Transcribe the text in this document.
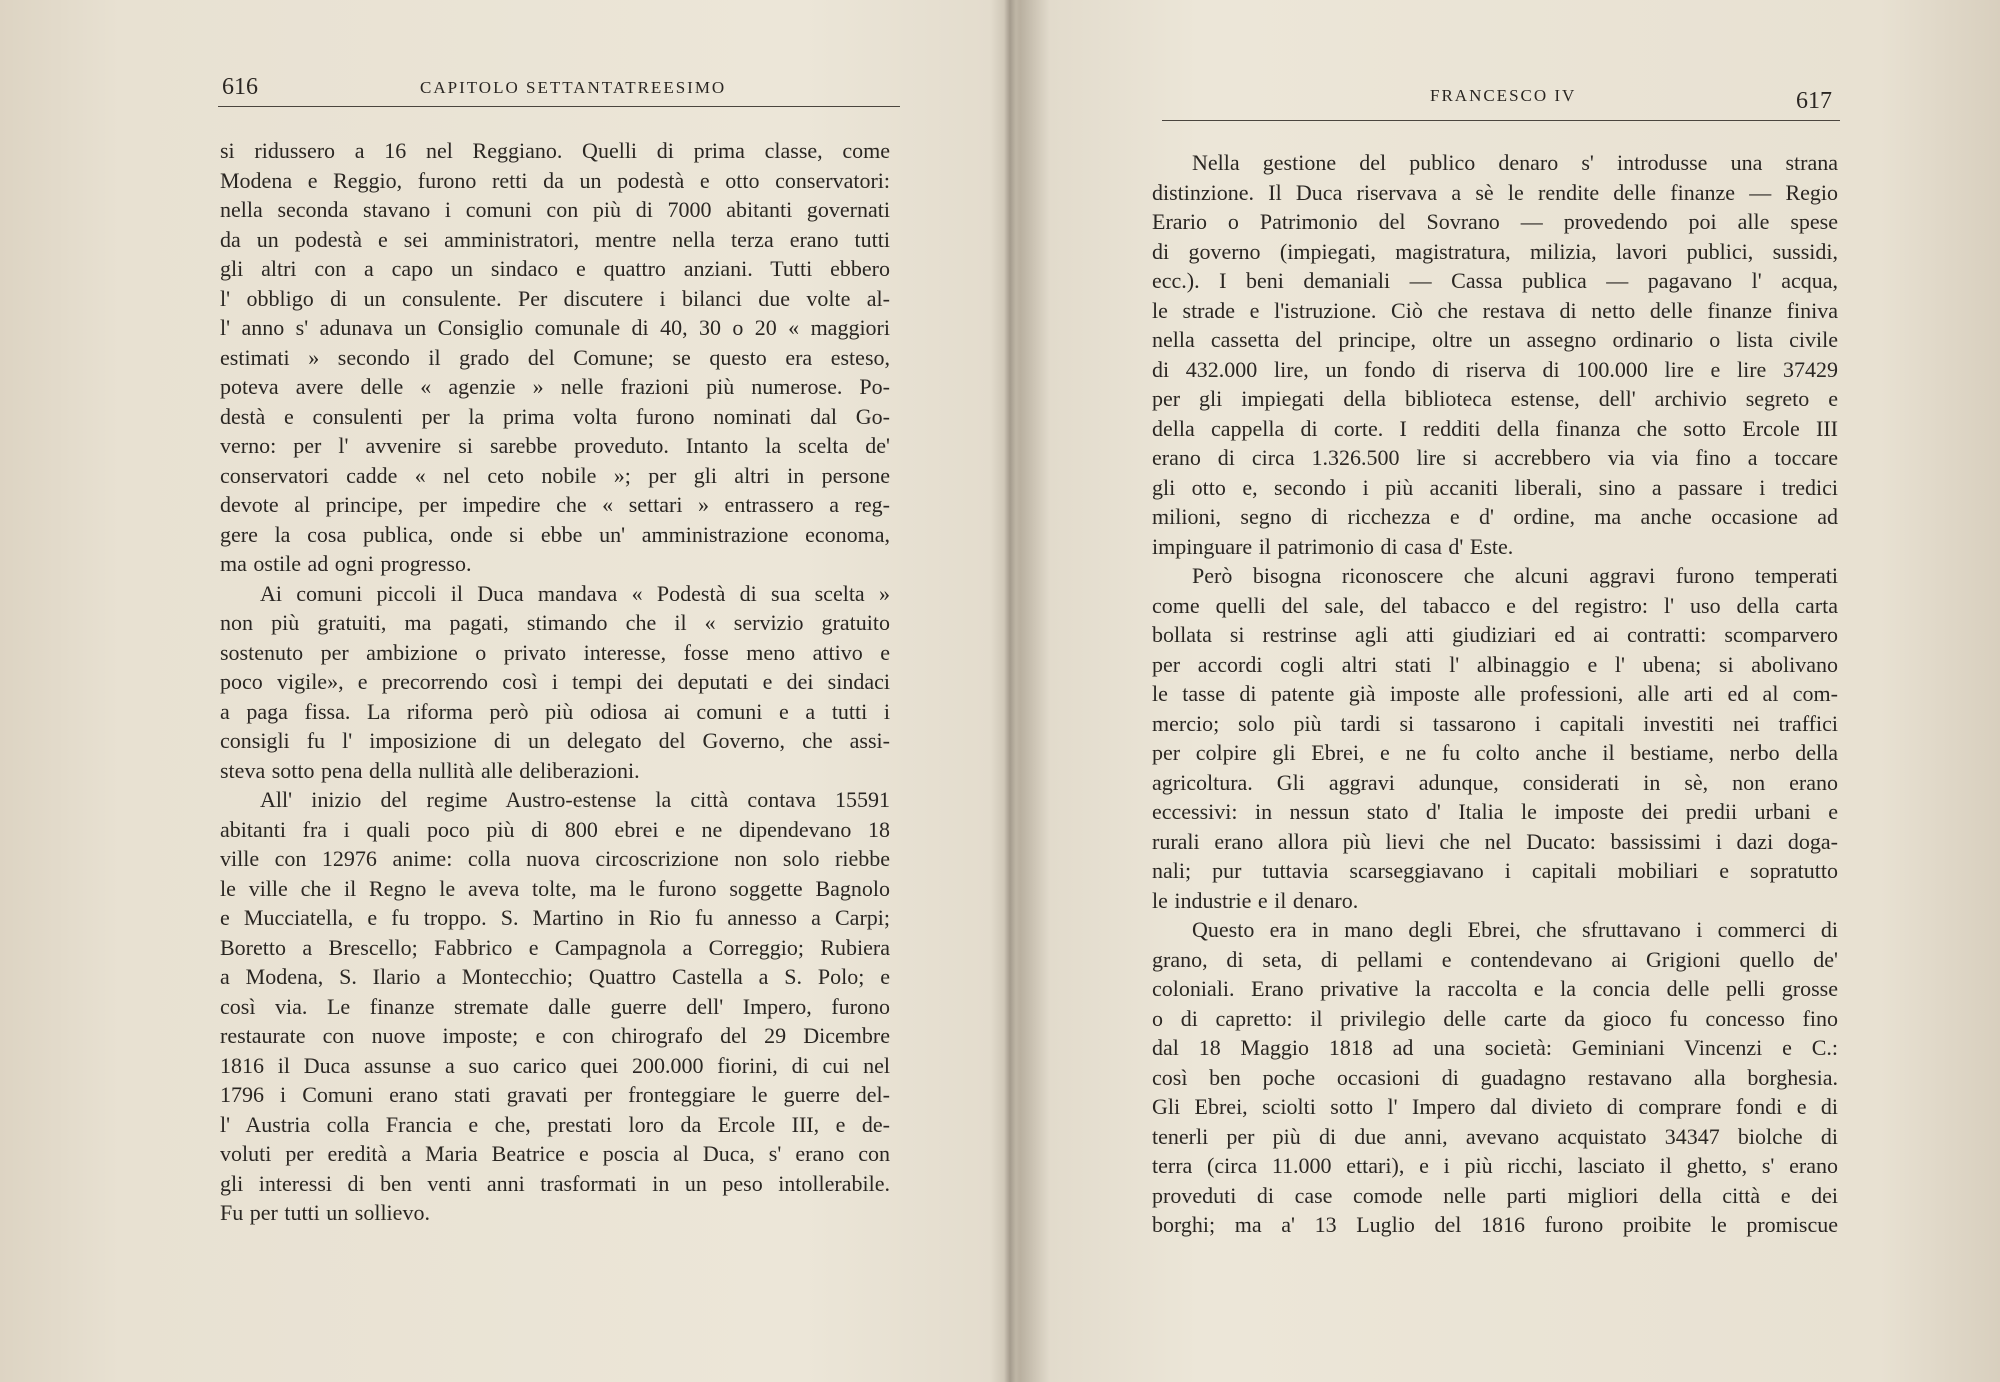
616	CAPITOLO SETTANTATREESIMO

si ridussero a 16 nel Reggiano. Quelli di prima classe, come

Modena e Reggio, furono retti da un podestà e otto conservatori:

nella seconda stavano i comuni con più di 7000 abitanti governati

da un podestà e sei amministratori, mentre nella terza erano tutti

gli altri con a capo un sindaco e quattro anziani. Tutti ebbero

l' obbligo di un consulente. Per discutere i bilanci due volte al-

l' anno s' adunava un Consiglio comunale di 40, 30 o 20 « maggiori

estimati » secondo il grado del Comune; se questo era esteso,

poteva avere delle « agenzie » nelle frazioni più numerose. Po-

destà e consulenti per la prima volta furono nominati dal Go-

verno: per l' avvenire si sarebbe proveduto. Intanto la scelta de'

conservatori cadde « nel ceto nobile »; per gli altri in persone

devote al principe, per impedire che « settari » entrassero a reg-

gere la cosa publica, onde si ebbe un' amministrazione economa,

ma ostile ad ogni progresso.

Ai comuni piccoli il Duca mandava « Podestà di sua scelta »

non più gratuiti, ma pagati, stimando che il « servizio gratuito

sostenuto per ambizione o privato interesse, fosse meno attivo e

poco vigile», e precorrendo così i tempi dei deputati e dei sindaci

a paga fissa. La riforma però più odiosa ai comuni e a tutti i

consigli fu l' imposizione di un delegato del Governo, che assi-

steva sotto pena della nullità alle deliberazioni.

All' inizio del regime Austro-estense la città contava 15591

abitanti fra i quali poco più di 800 ebrei e ne dipendevano 18

ville con 12976 anime: colla nuova circoscrizione non solo riebbe

le ville che il Regno le aveva tolte, ma le furono soggette Bagnolo

e Mucciatella, e fu troppo. S. Martino in Rio fu annesso a Carpi;

Boretto a Brescello; Fabbrico e Campagnola a Correggio; Rubiera

a Modena, S. Ilario a Montecchio; Quattro Castella a S. Polo; e

così via. Le finanze stremate dalle guerre dell' Impero, furono

restaurate con nuove imposte; e con chirografo del 29 Dicembre

1816 il Duca assunse a suo carico quei 200.000 fiorini, di cui nel

1796 i Comuni erano stati gravati per fronteggiare le guerre del-

l' Austria colla Francia e che, prestati loro da Ercole III, e de-

voluti per eredità a Maria Beatrice e poscia al Duca, s' erano con

gli interessi di ben venti anni trasformati in un peso intollerabile.

Fu per tutti un sollievo.

FRANCESCO IV	617

Nella gestione del publico denaro s' introdusse una strana

distinzione. Il Duca riservava a sè le rendite delle finanze — Regio

Erario o Patrimonio del Sovrano — provedendo poi alle spese

di governo (impiegati, magistratura, milizia, lavori publici, sussidi,

ecc.). I beni demaniali — Cassa publica — pagavano l' acqua,

le strade e l'istruzione. Ciò che restava di netto delle finanze finiva

nella cassetta del principe, oltre un assegno ordinario o lista civile

di 432.000 lire, un fondo di riserva di 100.000 lire e lire 37429

per gli impiegati della biblioteca estense, dell' archivio segreto e

della cappella di corte. I redditi della finanza che sotto Ercole III

erano di circa 1.326.500 lire si accrebbero via via fino a toccare

gli otto e, secondo i più accaniti liberali, sino a passare i tredici

milioni, segno di ricchezza e d' ordine, ma anche occasione ad

impinguare il patrimonio di casa d' Este.

Però bisogna riconoscere che alcuni aggravi furono temperati

come quelli del sale, del tabacco e del registro: l' uso della carta

bollata si restrinse agli atti giudiziari ed ai contratti: scomparvero

per accordi cogli altri stati l' albinaggio e l' ubena; si abolivano

le tasse di patente già imposte alle professioni, alle arti ed al com-

mercio; solo più tardi si tassarono i capitali investiti nei traffici

per colpire gli Ebrei, e ne fu colto anche il bestiame, nerbo della

agricoltura. Gli aggravi adunque, considerati in sè, non erano

eccessivi: in nessun stato d' Italia le imposte dei predii urbani e

rurali erano allora più lievi che nel Ducato: bassissimi i dazi doga-

nali; pur tuttavia scarseggiavano i capitali mobiliari e sopratutto

le industrie e il denaro.

Questo era in mano degli Ebrei, che sfruttavano i commerci di

grano, di seta, di pellami e contendevano ai Grigioni quello de'

coloniali. Erano privative la raccolta e la concia delle pelli grosse

o di capretto: il privilegio delle carte da gioco fu concesso fino

dal 18 Maggio 1818 ad una società: Geminiani Vincenzi e C.:

così ben poche occasioni di guadagno restavano alla borghesia.

Gli Ebrei, sciolti sotto l' Impero dal divieto di comprare fondi e di

tenerli per più di due anni, avevano acquistato 34347 biolche di

terra (circa 11.000 ettari), e i più ricchi, lasciato il ghetto, s' erano

proveduti di case comode nelle parti migliori della città e dei

borghi; ma a' 13 Luglio del 1816 furono proibite le promiscue
